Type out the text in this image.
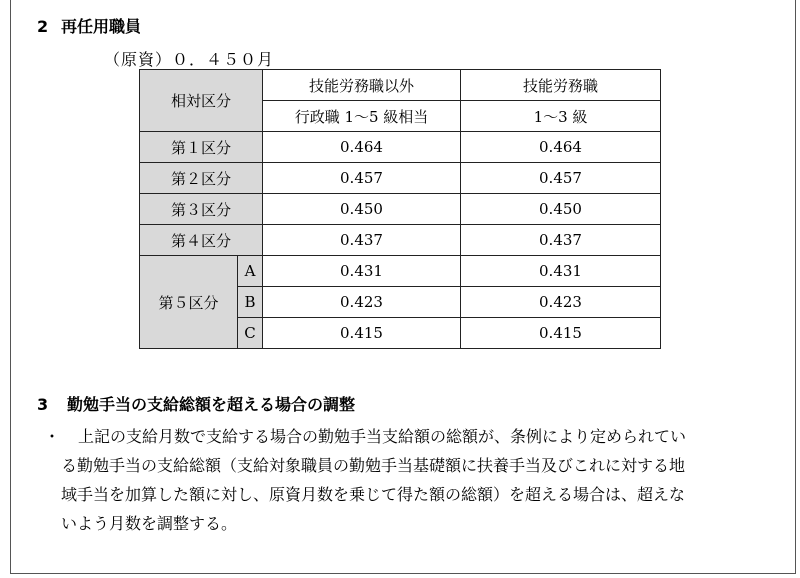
2 再任用職員
（原資）０．４５０月
相対区分		技能労務職以外	技能労務職
		行政職 1〜5 級相当	1〜3 級
第１区分		0.464	0.464
第２区分		0.457	0.457
第３区分		0.450	0.450
第４区分		0.437	0.437
第５区分	A	0.431	0.431
	B	0.423	0.423
	C	0.415	0.415
3 勤勉手当の支給総額を超える場合の調整
・ 上記の支給月数で支給する場合の勤勉手当支給額の総額が、条例により定められてい
る勤勉手当の支給総額（支給対象職員の勤勉手当基礎額に扶養手当及びこれに対する地
域手当を加算した額に対し、原資月数を乗じて得た額の総額）を超える場合は、超えな
いよう月数を調整する。
